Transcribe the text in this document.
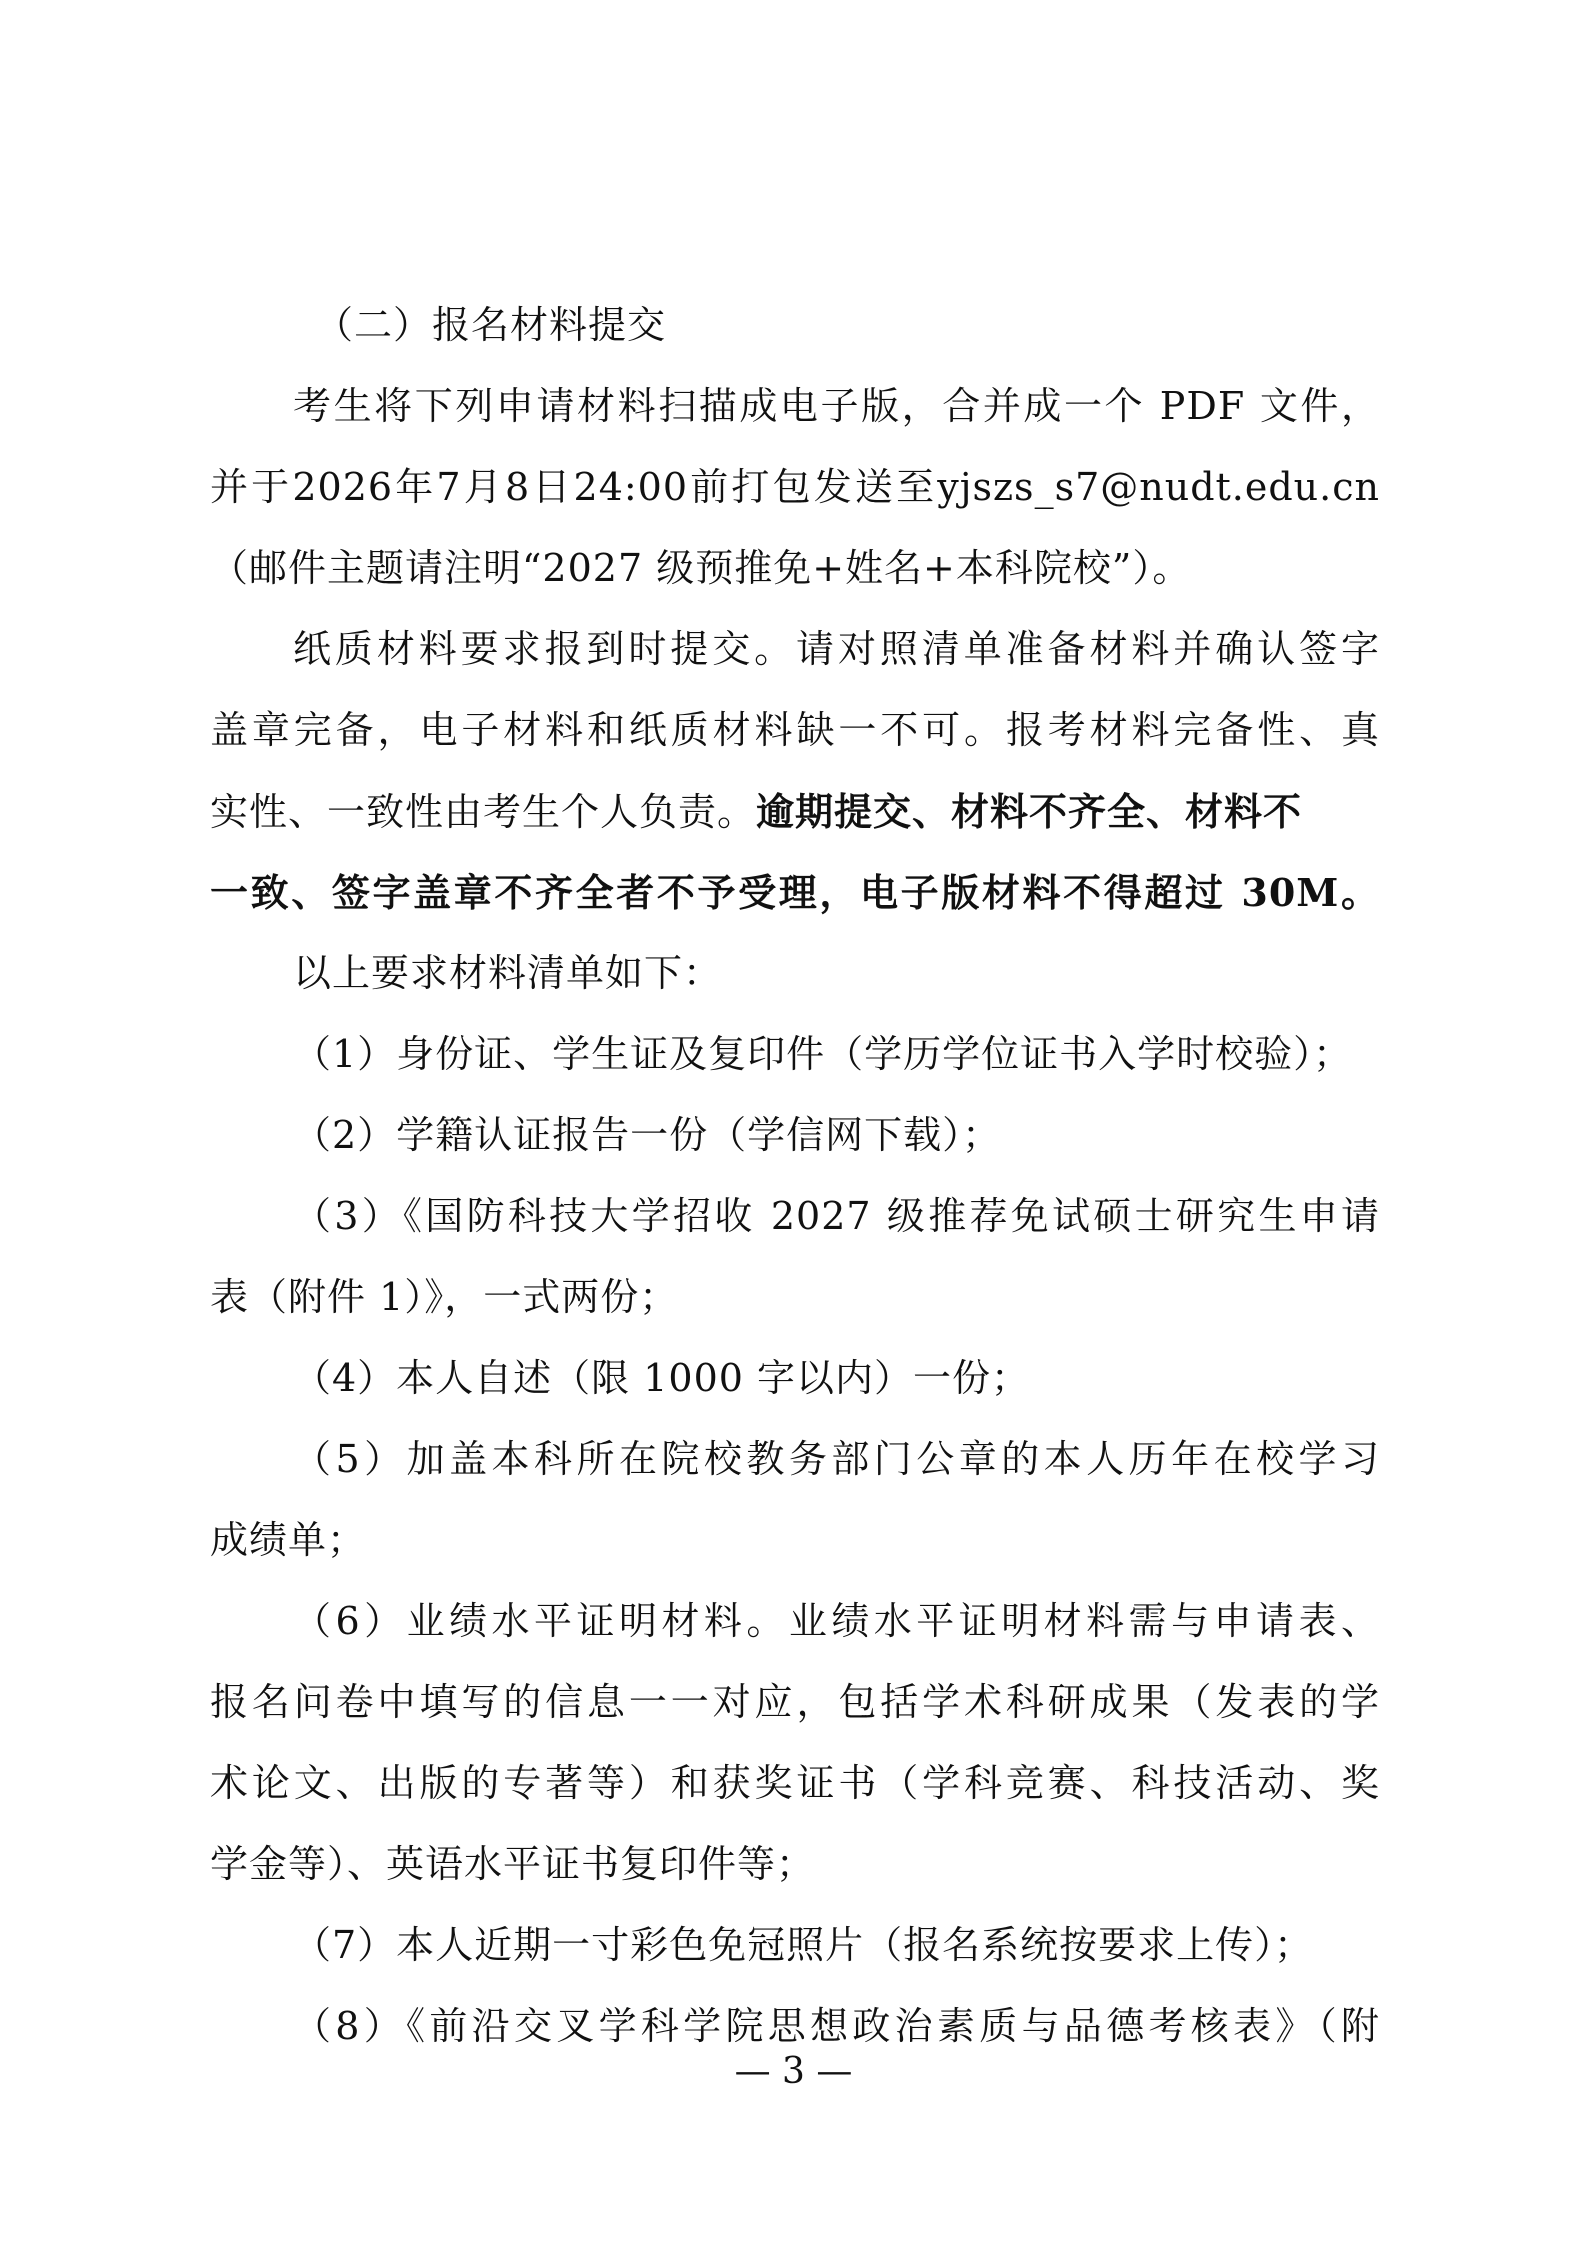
（二）报名材料提交
考生将下列申请材料扫描成电子版，合并成一个 PDF 文件，
并于2026年7月8日24:00前打包发送至yjszs_s7@nudt.edu.cn
（邮件主题请注明“2027 级预推免+姓名+本科院校”）。
纸质材料要求报到时提交。请对照清单准备材料并确认签字
盖章完备，电子材料和纸质材料缺一不可。报考材料完备性、真
实性、一致性由考生个人负责。逾期提交、材料不齐全、材料不
一致、签字盖章不齐全者不予受理，电子版材料不得超过 30M。
以上要求材料清单如下：
（1）身份证、学生证及复印件（学历学位证书入学时校验）；
（2）学籍认证报告一份（学信网下载）；
（3）《国防科技大学招收 2027 级推荐免试硕士研究生申请
表（附件 1）》，一式两份；
（4）本人自述（限 1000 字以内）一份；
（5）加盖本科所在院校教务部门公章的本人历年在校学习
成绩单；
（6）业绩水平证明材料。业绩水平证明材料需与申请表、
报名问卷中填写的信息一一对应，包括学术科研成果（发表的学
术论文、出版的专著等）和获奖证书（学科竞赛、科技活动、奖
学金等）、英语水平证书复印件等；
（7）本人近期一寸彩色免冠照片（报名系统按要求上传）；
（8）《前沿交叉学科学院思想政治素质与品德考核表》（附
— 3 —
